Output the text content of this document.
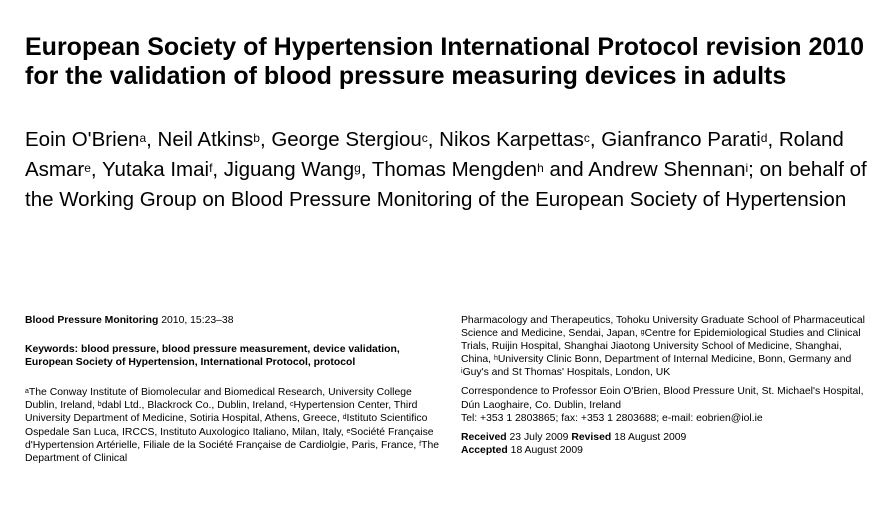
European Society of Hypertension International Protocol revision 2010 for the validation of blood pressure measuring devices in adults

Eoin O'Brien$^a$, Neil Atkins$^b$, George Stergiou$^c$, Nikos Karpettas$^c$, Gianfranco Parati$^d$, Roland Asmar$^e$, Yutaka Imai$^f$, Jiguang Wang$^g$, Thomas Mengden$^h$ and Andrew Shennan$^i$; on behalf of the Working Group on Blood Pressure Monitoring of the European Society of Hypertension

Blood Pressure Monitoring 2010, 15:23–38

Keywords: blood pressure, blood pressure measurement, device validation, European Society of Hypertension, International Protocol, protocol

$^a$The Conway Institute of Biomolecular and Biomedical Research, University College Dublin, Ireland, $^b$dabl Ltd., Blackrock Co., Dublin, Ireland, $^c$Hypertension Center, Third University Department of Medicine, Sotiria Hospital, Athens, Greece, $^d$Istituto Scientifico Ospedale San Luca, IRCCS, Instituto Auxologico Italiano, Milan, Italy, $^e$Société Française d'Hypertension Artérielle, Filiale de la Société Française de Cardiolgie, Paris, France, $^f$The Department of Clinical

Pharmacology and Therapeutics, Tohoku University Graduate School of Pharmaceutical Science and Medicine, Sendai, Japan, $^g$Centre for Epidemiological Studies and Clinical Trials, Ruijin Hospital, Shanghai Jiaotong University School of Medicine, Shanghai, China, $^h$University Clinic Bonn, Department of Internal Medicine, Bonn, Germany and $^i$Guy's and St Thomas' Hospitals, London, UK

Correspondence to Professor Eoin O'Brien, Blood Pressure Unit, St. Michael's Hospital, Dún Laoghaire, Co. Dublin, Ireland

Tel: +353 1 2803865; fax: +353 1 2803688; e-mail: eobrien@iol.ie

Received 23 July 2009 Revised 18 August 2009

Accepted 18 August 2009
